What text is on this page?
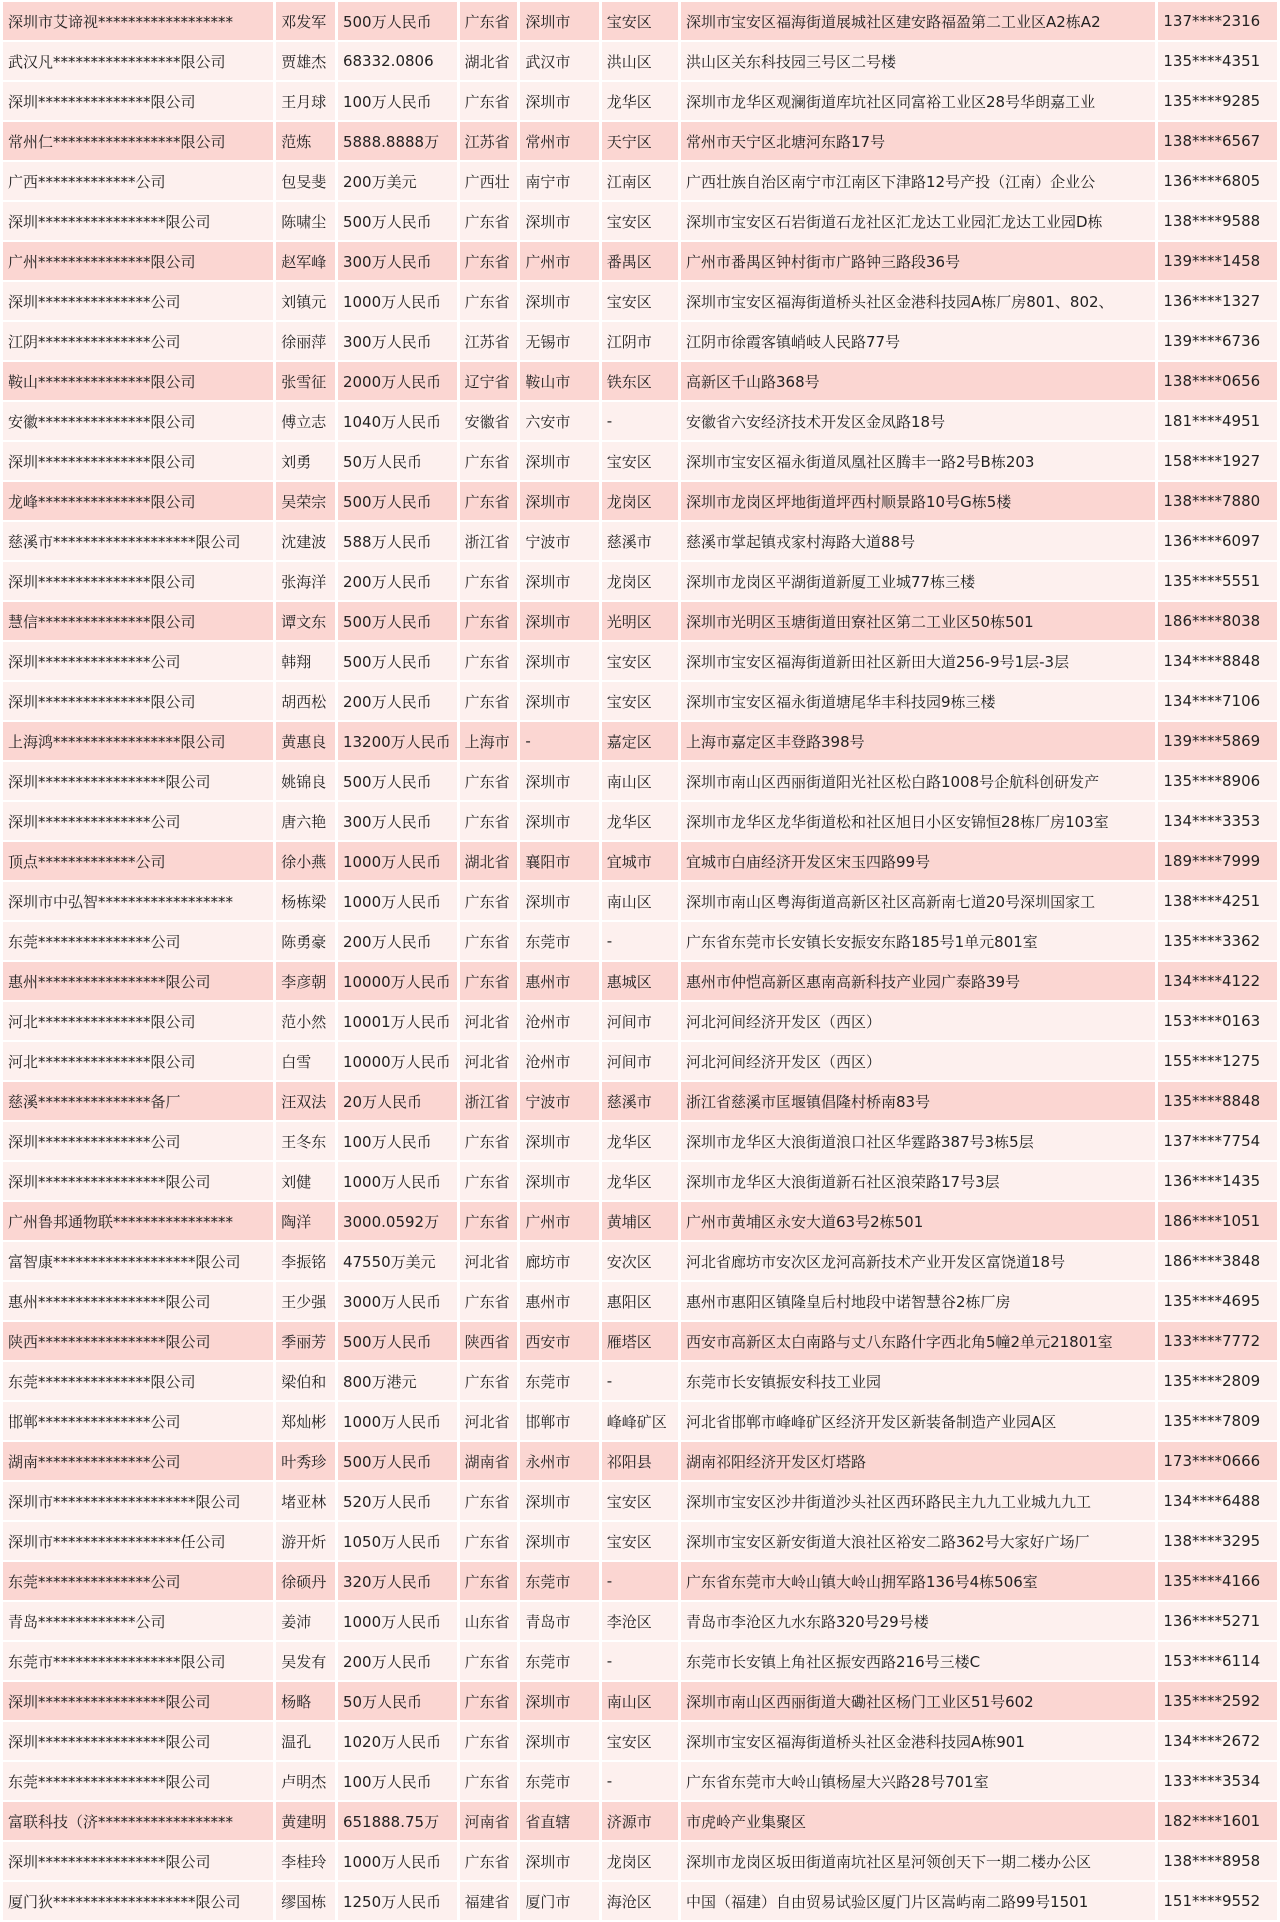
深圳市艾谛视******************	邓发军	500万人民币	广东省	深圳市	宝安区	深圳市宝安区福海街道展城社区建安路福盈第二工业区A2栋A2	137****2316
武汉凡*****************限公司	贾雄杰	68332.0806	湖北省	武汉市	洪山区	洪山区关东科技园三号区二号楼	135****4351
深圳***************限公司	王月球	100万人民币	广东省	深圳市	龙华区	深圳市龙华区观澜街道库坑社区同富裕工业区28号华朗嘉工业	135****9285
常州仁*****************限公司	范炼	5888.8888万	江苏省	常州市	天宁区	常州市天宁区北塘河东路17号	138****6567
广西*************公司	包旻斐	200万美元	广西壮	南宁市	江南区	广西壮族自治区南宁市江南区下津路12号产投（江南）企业公	136****6805
深圳*****************限公司	陈啸尘	500万人民币	广东省	深圳市	宝安区	深圳市宝安区石岩街道石龙社区汇龙达工业园汇龙达工业园D栋	138****9588
广州***************限公司	赵军峰	300万人民币	广东省	广州市	番禺区	广州市番禺区钟村街市广路钟三路段36号	139****1458
深圳***************公司	刘镇元	1000万人民币	广东省	深圳市	宝安区	深圳市宝安区福海街道桥头社区金港科技园A栋厂房801、802、	136****1327
江阴***************公司	徐丽萍	300万人民币	江苏省	无锡市	江阴市	江阴市徐霞客镇峭岐人民路77号	139****6736
鞍山***************限公司	张雪征	2000万人民币	辽宁省	鞍山市	铁东区	高新区千山路368号	138****0656
安徽***************限公司	傅立志	1040万人民币	安徽省	六安市	-	安徽省六安经济技术开发区金凤路18号	181****4951
深圳***************限公司	刘勇	50万人民币	广东省	深圳市	宝安区	深圳市宝安区福永街道凤凰社区腾丰一路2号B栋203	158****1927
龙峰***************限公司	吴荣宗	500万人民币	广东省	深圳市	龙岗区	深圳市龙岗区坪地街道坪西村顺景路10号G栋5楼	138****7880
慈溪市*******************限公司	沈建波	588万人民币	浙江省	宁波市	慈溪市	慈溪市掌起镇戎家村海路大道88号	136****6097
深圳***************限公司	张海洋	200万人民币	广东省	深圳市	龙岗区	深圳市龙岗区平湖街道新厦工业城77栋三楼	135****5551
慧信***************限公司	谭文东	500万人民币	广东省	深圳市	光明区	深圳市光明区玉塘街道田寮社区第二工业区50栋501	186****8038
深圳***************公司	韩翔	500万人民币	广东省	深圳市	宝安区	深圳市宝安区福海街道新田社区新田大道256-9号1层-3层	134****8848
深圳***************限公司	胡西松	200万人民币	广东省	深圳市	宝安区	深圳市宝安区福永街道塘尾华丰科技园9栋三楼	134****7106
上海鸿*****************限公司	黄惠良	13200万人民币	上海市	-	嘉定区	上海市嘉定区丰登路398号	139****5869
深圳*****************限公司	姚锦良	500万人民币	广东省	深圳市	南山区	深圳市南山区西丽街道阳光社区松白路1008号企航科创研发产	135****8906
深圳***************公司	唐六艳	300万人民币	广东省	深圳市	龙华区	深圳市龙华区龙华街道松和社区旭日小区安锦恒28栋厂房103室	134****3353
顶点*************公司	徐小燕	1000万人民币	湖北省	襄阳市	宜城市	宜城市白庙经济开发区宋玉四路99号	189****7999
深圳市中弘智******************	杨栋梁	1000万人民币	广东省	深圳市	南山区	深圳市南山区粤海街道高新区社区高新南七道20号深圳国家工	138****4251
东莞***************公司	陈勇豪	200万人民币	广东省	东莞市	-	广东省东莞市长安镇长安振安东路185号1单元801室	135****3362
惠州*****************限公司	李彦朝	10000万人民币	广东省	惠州市	惠城区	惠州市仲恺高新区惠南高新科技产业园广泰路39号	134****4122
河北***************限公司	范小然	10001万人民币	河北省	沧州市	河间市	河北河间经济开发区（西区）	153****0163
河北***************限公司	白雪	10000万人民币	河北省	沧州市	河间市	河北河间经济开发区（西区）	155****1275
慈溪***************备厂	汪双法	20万人民币	浙江省	宁波市	慈溪市	浙江省慈溪市匡堰镇倡隆村桥南83号	135****8848
深圳***************公司	王冬东	100万人民币	广东省	深圳市	龙华区	深圳市龙华区大浪街道浪口社区华霆路387号3栋5层	137****7754
深圳*****************限公司	刘健	1000万人民币	广东省	深圳市	龙华区	深圳市龙华区大浪街道新石社区浪荣路17号3层	136****1435
广州鲁邦通物联****************	陶洋	3000.0592万	广东省	广州市	黄埔区	广州市黄埔区永安大道63号2栋501	186****1051
富智康*******************限公司	李振铭	47550万美元	河北省	廊坊市	安次区	河北省廊坊市安次区龙河高新技术产业开发区富饶道18号	186****3848
惠州*****************限公司	王少强	3000万人民币	广东省	惠州市	惠阳区	惠州市惠阳区镇隆皇后村地段中诺智慧谷2栋厂房	135****4695
陕西*****************限公司	季丽芳	500万人民币	陕西省	西安市	雁塔区	西安市高新区太白南路与丈八东路什字西北角5幢2单元21801室	133****7772
东莞***************限公司	梁伯和	800万港元	广东省	东莞市	-	东莞市长安镇振安科技工业园	135****2809
邯郸***************公司	郑灿彬	1000万人民币	河北省	邯郸市	峰峰矿区	河北省邯郸市峰峰矿区经济开发区新装备制造产业园A区	135****7809
湖南***************公司	叶秀珍	500万人民币	湖南省	永州市	祁阳县	湖南祁阳经济开发区灯塔路	173****0666
深圳市*******************限公司	堵亚林	520万人民币	广东省	深圳市	宝安区	深圳市宝安区沙井街道沙头社区西环路民主九九工业城九九工	134****6488
深圳市*****************任公司	游开炘	1050万人民币	广东省	深圳市	宝安区	深圳市宝安区新安街道大浪社区裕安二路362号大家好广场厂	138****3295
东莞***************公司	徐硕丹	320万人民币	广东省	东莞市	-	广东省东莞市大岭山镇大岭山拥军路136号4栋506室	135****4166
青岛*************公司	姜沛	1000万人民币	山东省	青岛市	李沧区	青岛市李沧区九水东路320号29号楼	136****5271
东莞市*****************限公司	吴发有	200万人民币	广东省	东莞市	-	东莞市长安镇上角社区振安西路216号三楼C	153****6114
深圳*****************限公司	杨略	50万人民币	广东省	深圳市	南山区	深圳市南山区西丽街道大磡社区杨门工业区51号602	135****2592
深圳*****************限公司	温孔	1020万人民币	广东省	深圳市	宝安区	深圳市宝安区福海街道桥头社区金港科技园A栋901	134****2672
东莞*****************限公司	卢明杰	100万人民币	广东省	东莞市	-	广东省东莞市大岭山镇杨屋大兴路28号701室	133****3534
富联科技（济******************	黄建明	651888.75万	河南省	省直辖	济源市	市虎岭产业集聚区	182****1601
深圳*****************限公司	李桂玲	1000万人民币	广东省	深圳市	龙岗区	深圳市龙岗区坂田街道南坑社区星河领创天下一期二楼办公区	138****8958
厦门狄*******************限公司	缪国栋	1250万人民币	福建省	厦门市	海沧区	中国（福建）自由贸易试验区厦门片区嵩屿南二路99号1501	151****9552
